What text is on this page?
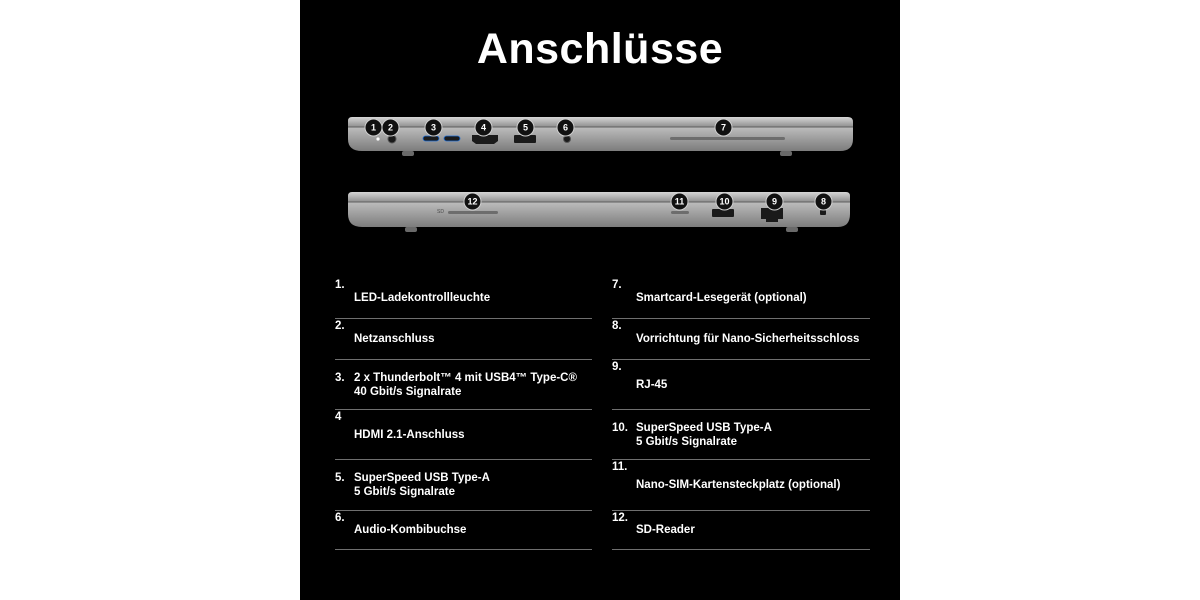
Anschlüsse
1	2	3	4	5	6	7
SD
12	11	10	9	8
1.
LED-Ladekontrollleuchte
2.
Netzanschluss
3. 2 x Thunderbolt™ 4 mit USB4™ Type-C®
40 Gbit/s Signalrate
4
HDMI 2.1-Anschluss
5. SuperSpeed USB Type-A
5 Gbit/s Signalrate
6.
Audio-Kombibuchse
7.
Smartcard-Lesegerät (optional)
8.
Vorrichtung für Nano-Sicherheitsschloss
9.
RJ-45
10. SuperSpeed USB Type-A
5 Gbit/s Signalrate
11.
Nano-SIM-Kartensteckplatz (optional)
12.
SD-Reader
